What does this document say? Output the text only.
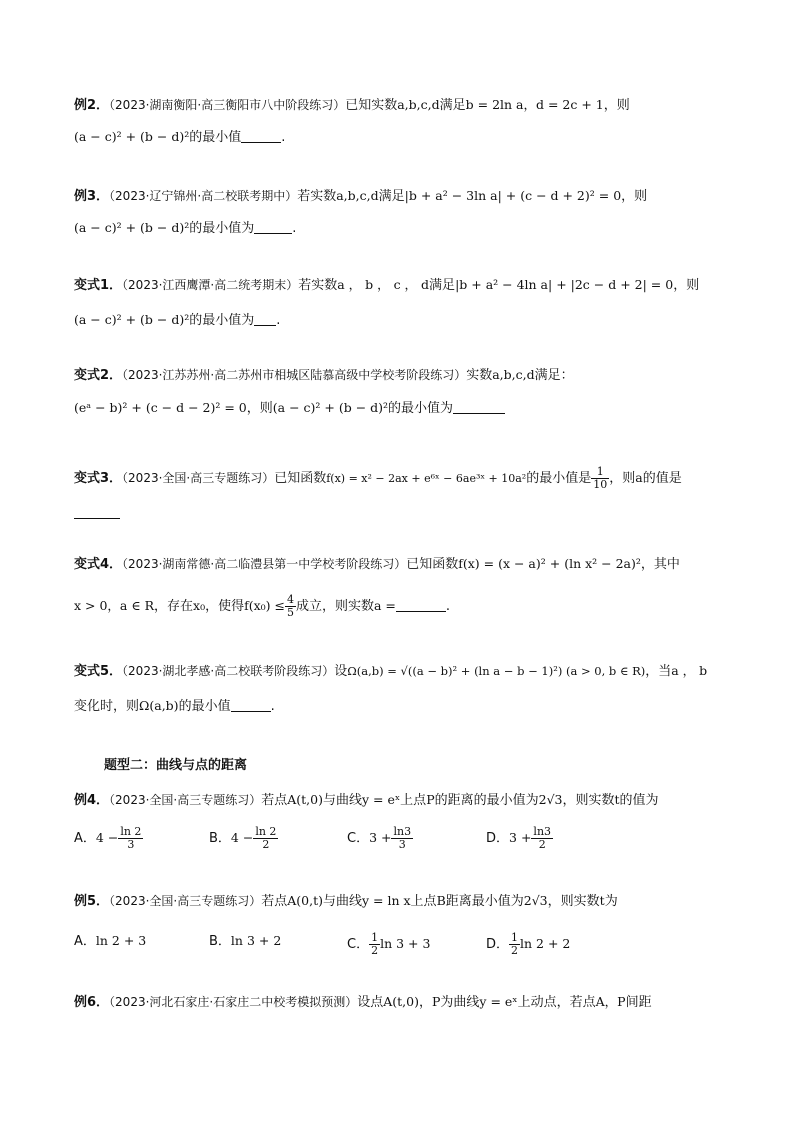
例2．（2023·湖南衡阳·高三衡阳市八中阶段练习）已知实数a,b,c,d满足b = 2ln a，d = 2c + 1，则
(a − c)² + (b − d)²的最小值	.
例3．（2023·辽宁锦州·高二校联考期中）若实数a,b,c,d满足|b + a² − 3ln a| + (c − d + 2)² = 0，则
(a − c)² + (b − d)²的最小值为	.
变式1．（2023·江西鹰潭·高二统考期末）若实数a ， b ， c ， d满足|b + a² − 4ln a| + |2c − d + 2| = 0，则
(a − c)² + (b − d)²的最小值为 .
变式2．（2023·江苏苏州·高二苏州市相城区陆慕高级中学校考阶段练习）实数a,b,c,d满足：
(eᵃ − b)² + (c − d − 2)² = 0，则(a − c)² + (b − d)²的最小值为
变式3．（2023·全国·高三专题练习）已知函数f(x) = x² − 2ax + e⁶ˣ − 6ae³ˣ + 10a²的最小值是 $\frac{1}{10}$ ，则a的值是
变式4．（2023·湖南常德·高二临澧县第一中学校考阶段练习）已知函数f(x) = (x − a)² + (ln x² − 2a)²，其中
x > 0，a ∈ R，存在x₀，使得$f(x_0) \le \frac{4}{5}$ 成立，则实数a =	.
变式5．（2023·湖北孝感·高二校联考阶段练习）设Ω(a,b) = √((a − b)² + (ln a − b − 1)²) (a > 0, b ∈ R)，当a ， b
变化时，则Ω(a,b)的最小值	.
题型二：曲线与点的距离
例4．（2023·全国·高三专题练习）若点A(t,0)与曲线y = eˣ上点P的距离的最小值为2√3，则实数t的值为
A．$4 - \frac{\ln 2}{3}$	B．$4 - \frac{\ln 2}{2}$	C．$3 + \frac{\ln 3}{3}$	D．$3 + \frac{\ln 3}{2}$
例5．（2023·全国·高三专题练习）若点A(0,t)与曲线y = ln x上点B距离最小值为2√3，则实数t为
A．ln 2 + 3	B．ln 3 + 2	C． $\frac{1}{2}$ ln 3 + 3	D． $\frac{1}{2}$ ln 2 + 2
例6．（2023·河北石家庄·石家庄二中校考模拟预测）设点A(t,0)，P为曲线y = eˣ上动点，若点A，P间距
